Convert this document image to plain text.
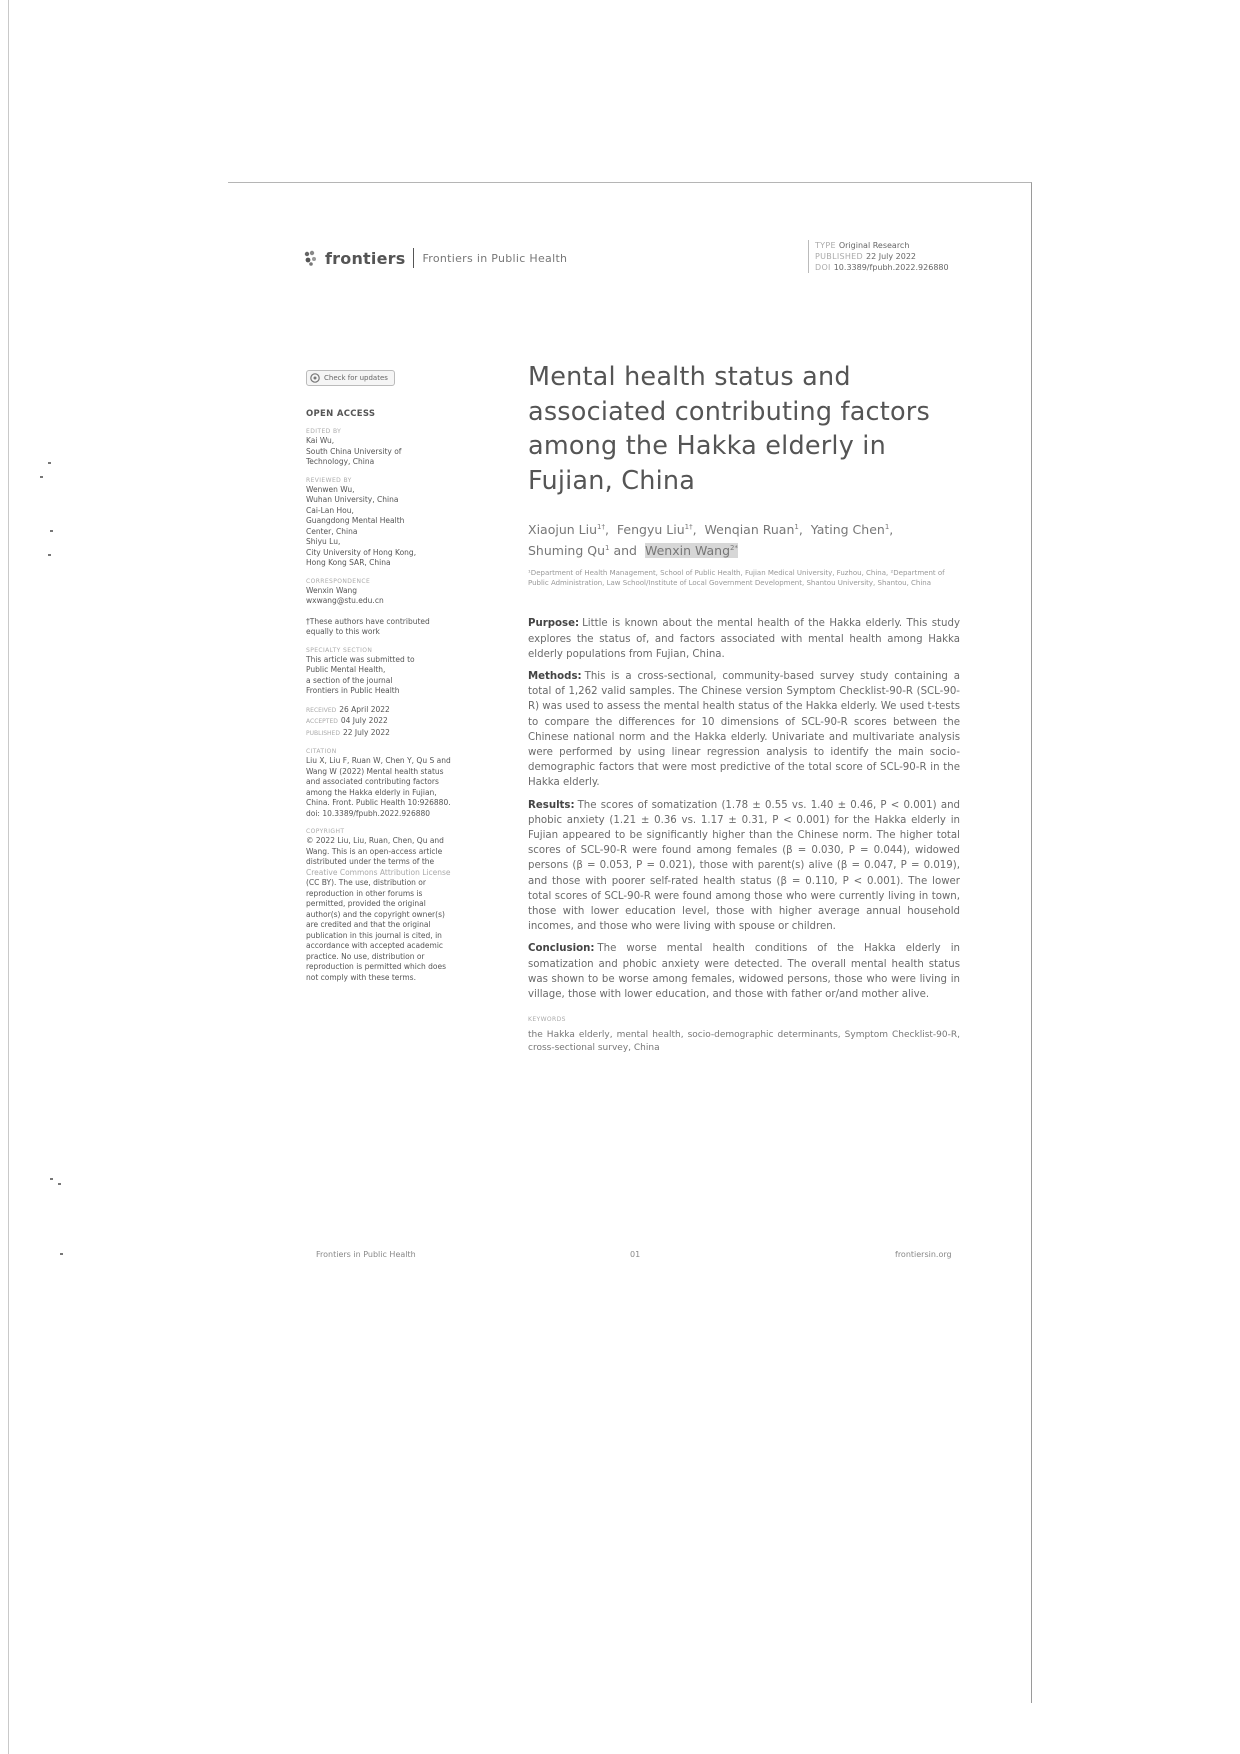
frontiers Frontiers in Public Health
TYPE Original Research
PUBLISHED 22 July 2022
DOI 10.3389/fpubh.2022.926880
Check for updates
OPEN ACCESS
EDITED BY
Kai Wu,
South China University of
Technology, China
REVIEWED BY
Wenwen Wu,
Wuhan University, China
Cai-Lan Hou,
Guangdong Mental Health
Center, China
Shiyu Lu,
City University of Hong Kong,
Hong Kong SAR, China
CORRESPONDENCE
Wenxin Wang
wxwang@stu.edu.cn
†These authors have contributed
equally to this work
SPECIALTY SECTION
This article was submitted to
Public Mental Health,
a section of the journal
Frontiers in Public Health
RECEIVED 26 April 2022
ACCEPTED 04 July 2022
PUBLISHED 22 July 2022
CITATION
Liu X, Liu F, Ruan W, Chen Y, Qu S and
Wang W (2022) Mental health status
and associated contributing factors
among the Hakka elderly in Fujian,
China. Front. Public Health 10:926880.
doi: 10.3389/fpubh.2022.926880
COPYRIGHT
© 2022 Liu, Liu, Ruan, Chen, Qu and
Wang. This is an open-access article
distributed under the terms of the
Creative Commons Attribution License
(CC BY). The use, distribution or
reproduction in other forums is
permitted, provided the original
author(s) and the copyright owner(s)
are credited and that the original
publication in this journal is cited, in
accordance with accepted academic
practice. No use, distribution or
reproduction is permitted which does
not comply with these terms.
Mental health status and
associated contributing factors
among the Hakka elderly in
Fujian, China
Xiaojun Liu$^{1\dagger}$,  Fengyu Liu$^{1\dagger}$,  Wenqian Ruan$^1$,  Yating Chen$^1$,
Shuming Qu$^1$ and  Wenxin Wang$^{2*}$
¹Department of Health Management, School of Public Health, Fujian Medical University, Fuzhou, China, ²Department of Public Administration, Law School/Institute of Local Government Development, Shantou University, Shantou, China

Purpose: Little is known about the mental health of the Hakka elderly. This study explores the status of, and factors associated with mental health among Hakka elderly populations from Fujian, China.

Methods: This is a cross-sectional, community-based survey study containing a total of 1,262 valid samples. The Chinese version Symptom Checklist-90-R (SCL-90-R) was used to assess the mental health status of the Hakka elderly. We used t-tests to compare the differences for 10 dimensions of SCL-90-R scores between the Chinese national norm and the Hakka elderly. Univariate and multivariate analysis were performed by using linear regression analysis to identify the main socio-demographic factors that were most predictive of the total score of SCL-90-R in the Hakka elderly.

Results: The scores of somatization (1.78 ± 0.55 vs. 1.40 ± 0.46, P < 0.001) and phobic anxiety (1.21 ± 0.36 vs. 1.17 ± 0.31, P < 0.001) for the Hakka elderly in Fujian appeared to be significantly higher than the Chinese norm. The higher total scores of SCL-90-R were found among females (β = 0.030, P = 0.044), widowed persons (β = 0.053, P = 0.021), those with parent(s) alive (β = 0.047, P = 0.019), and those with poorer self-rated health status (β = 0.110, P < 0.001). The lower total scores of SCL-90-R were found among those who were currently living in town, those with lower education level, those with higher average annual household incomes, and those who were living with spouse or children.

Conclusion: The worse mental health conditions of the Hakka elderly in somatization and phobic anxiety were detected. The overall mental health status was shown to be worse among females, widowed persons, those who were living in village, those with lower education, and those with father or/and mother alive.

KEYWORDS
the Hakka elderly, mental health, socio-demographic determinants, Symptom Checklist-90-R, cross-sectional survey, China
Frontiers in Public Health	01	frontiersin.org
